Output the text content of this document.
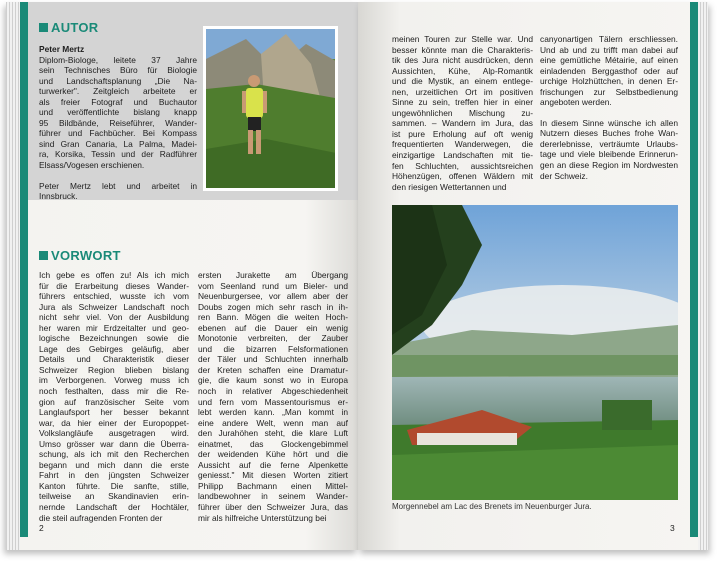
AUTOR

Peter Mertz

Diplom-Biologe, leitete 37 Jahre
sein Technisches Büro für Biologie
und Landschaftsplanung „Die Na-
turwerker". Zeitgleich arbeitete er
als freier Fotograf und Buchautor
und veröffentlichte bislang knapp
95 Bildbände, Reiseführer, Wander-
führer und Fachbücher. Bei Kompass
sind Gran Canaria, La Palma, Madei-
ra, Korsika, Tessin und der Radführer
Elsass/Vogesen erschienen.

Peter Mertz lebt und arbeitet in
Innsbruck.
VORWORT
Ich gebe es offen zu! Als ich mich
für die Erarbeitung dieses Wander-
führers entschied, wusste ich vom
Jura als Schweizer Landschaft noch
nicht sehr viel. Von der Ausbildung
her waren mir Erdzeitalter und geo-
logische Bezeichnungen sowie die
Lage des Gebirges geläufig, aber
Details und Charakteristik dieser
Schweizer Region blieben bislang
im Verborgenen. Vorweg muss ich
noch festhalten, dass mir die Re-
gion auf französischer Seite vom
Langlaufsport her besser bekannt
war, da hier einer der Europoppet-
Volkslangläufe ausgetragen wird.
Umso grösser war dann die Überra-
schung, als ich mit den Recherchen
begann und mich dann die erste
Fahrt in den jüngsten Schweizer
Kanton führte. Die sanfte, stille,
teilweise an Skandinavien erin-
nernde Landschaft der Hochtäler,
die steil aufragenden Fronten der
ersten Jurakette am Übergang
vom Seenland rund um Bieler- und
Neuenburgersee, vor allem aber der
Doubs zogen mich sehr rasch in ih-
ren Bann. Mögen die weiten Hoch-
ebenen auf die Dauer ein wenig
Monotonie verbreiten, der Zauber
und die bizarren Felsformationen
der Täler und Schluchten innerhalb
der Kreten schaffen eine Dramatur-
gie, die kaum sonst wo in Europa
noch in relativer Abgeschiedenheit
und fern vom Massentourismus er-
lebt werden kann. „Man kommt in
eine andere Welt, wenn man auf
den Jurahöhen steht, die klare Luft
einatmet, das Glockengebimmel
der weidenden Kühe hört und die
Aussicht auf die ferne Alpenkette
geniesst." Mit diesen Worten zitiert
Philipp Bachmann einen Mittel-
landbewohner in seinem Wander-
führer über den Schweizer Jura, das
mir als hilfreiche Unterstützung bei
2
meinen Touren zur Stelle war. Und
besser könnte man die Charakteris-
tik des Jura nicht ausdrücken, denn
Aussichten, Kühe, Alp-Romantik
und die Mystik, an einem entlege-
nen, urzeitlichen Ort im positiven
Sinne zu sein, treffen hier in einer
ungewöhnlichen Mischung zu-
sammen. – Wandern im Jura, das
ist pure Erholung auf oft wenig
frequentierten Wanderwegen, die
einzigartige Landschaften mit tie-
fen Schluchten, aussichtsreichen
Höhenzügen, offenen Wäldern mit
den riesigen Wettertannen und
canyonartigen Tälern erschliessen.
Und ab und zu trifft man dabei auf
eine gemütliche Métairie, auf einen
einladenden Berggasthof oder auf
urchige Holzhüttchen, in denen Er-
frischungen zur Selbstbedienung
angeboten werden.

In diesem Sinne wünsche ich allen
Nutzern dieses Buches frohe Wan-
dererlebnisse, verträumte Urlaubs-
tage und viele bleibende Erinnerun-
gen an diese Region im Nordwesten
der Schweiz.
Morgennebel am Lac des Brenets im Neuenburger Jura.
3
